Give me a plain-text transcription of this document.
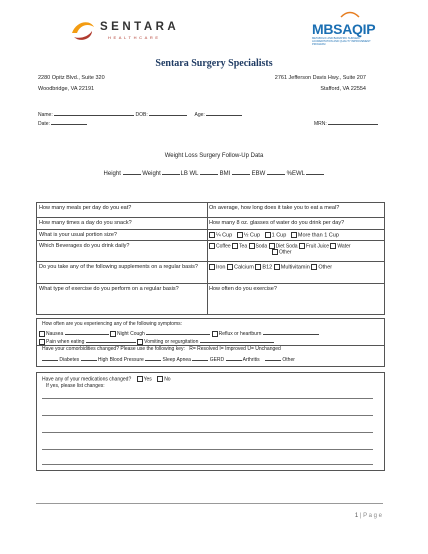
SENTARA
HEALTHCARE
MBSAQIP
METABOLIC AND BARIATRIC SURGERY
ACCREDITATION AND QUALITY IMPROVEMENT PROGRAM
Sentara Surgery Specialists
2280 Opitz Blvd., Suite 320
Woodbridge, VA 22191
2761 Jefferson Davis Hwy., Suite 207
Stafford, VA 22554
Name:	DOB:	Age:
Date:	MRN:
Weight Loss Surgery Follow-Up Data
Height	Weight	LB WL	BMI	EBW	%EWL
How many meals per day do you eat?	On average, how long does it take you to eat a meal?
How many times a day do you snack?	How many 8 oz. glasses of water do you drink per day?
What is your usual portion size?	¼ Cup ½ Cup 1 Cup More than 1 Cup
Which Beverages do you drink daily?	Coffee Tea Soda Diet Soda Fruit Juice Water
Other
Do you take any of the following supplements on a regular basis?	Iron Calcium B12 Multivitamin Other
What type of exercise do you perform on a regular basis?	How often do you exercise?
How often are you experiencing any of the following symptoms:
Nausea	Night Cough	Reflux or heartburn
Pain when eating	Vomiting or regurgitation
Have your comorbidities changed? Please use the following key: R= Resolved I= Improved U= Unchanged
Diabetes	High Blood Pressure	Sleep Apnea	GERD	Arthritis	Other
Have any of your medications changed? Yes No
If yes, please list changes:
1 | P a g e
